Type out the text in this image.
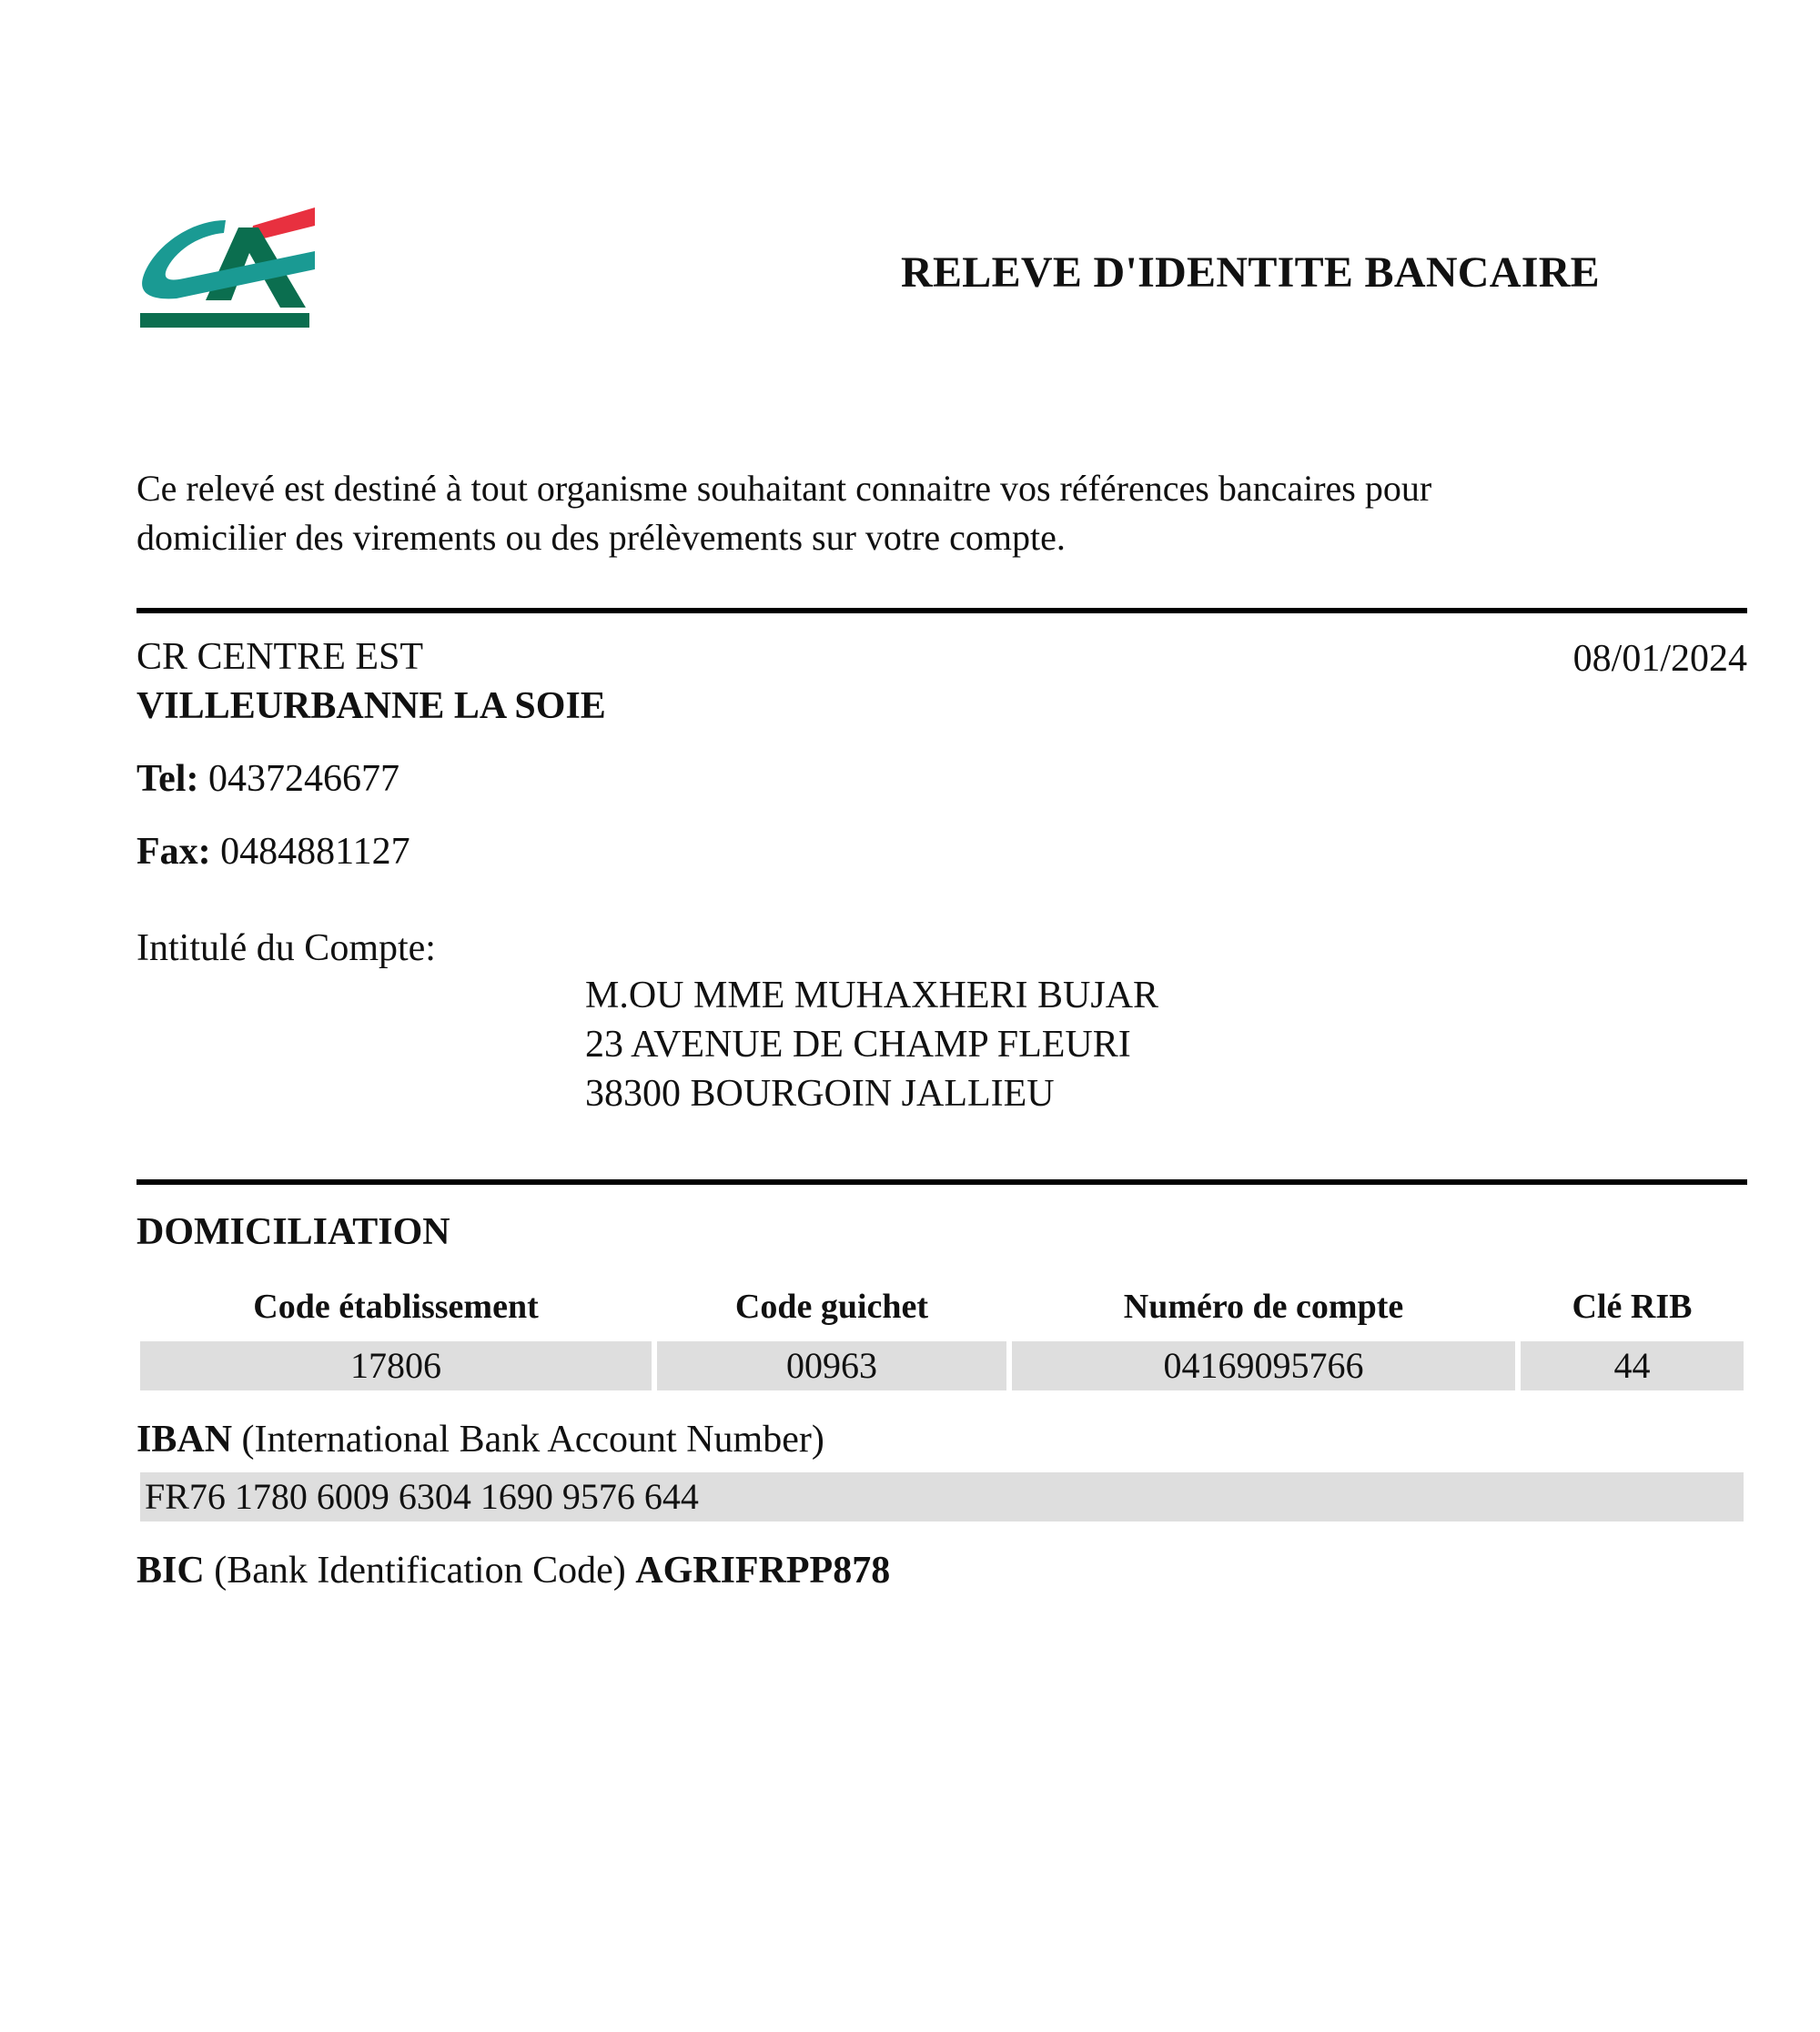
RELEVE D'IDENTITE BANCAIRE
Ce relevé est destiné à tout organisme souhaitant connaitre vos références bancaires pour
domicilier des virements ou des prélèvements sur votre compte.
CR CENTRE EST	08/01/2024
VILLEURBANNE LA SOIE
Tel: 0437246677
Fax: 0484881127
Intitulé du Compte:
M.OU MME MUHAXHERI BUJAR
23 AVENUE DE CHAMP FLEURI
38300 BOURGOIN JALLIEU
DOMICILIATION
Code établissement	Code guichet	Numéro de compte	Clé RIB
17806	00963	04169095766	44
IBAN (International Bank Account Number)
FR76 1780 6009 6304 1690 9576 644
BIC (Bank Identification Code) AGRIFRPP878
